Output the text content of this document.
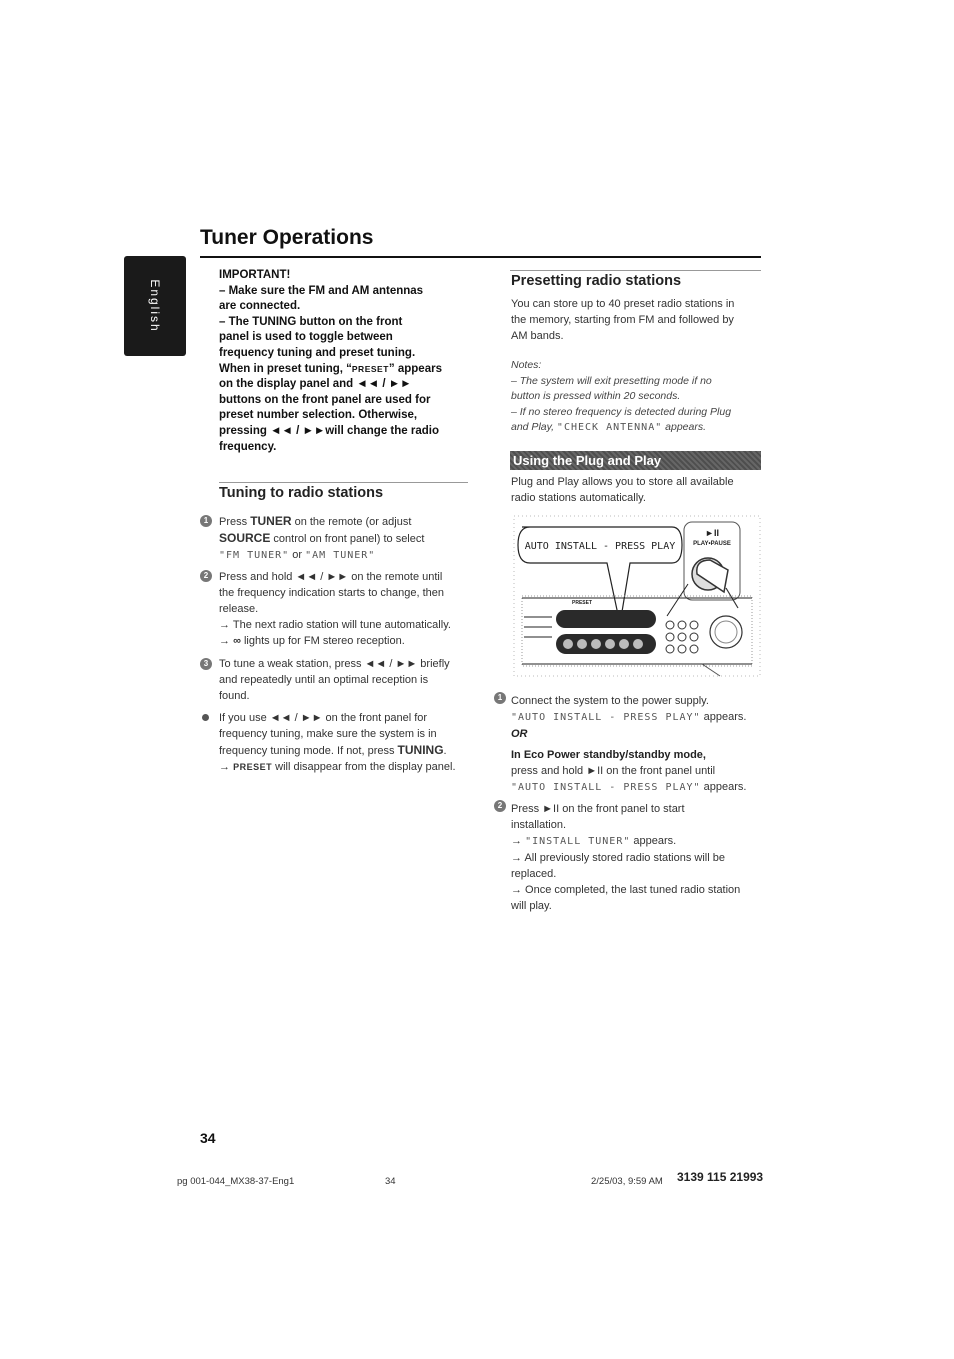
English
Tuner Operations

IMPORTANT!

– Make sure the FM and AM antennas

are connected.

– The TUNING button on the front

panel is used to toggle between

frequency tuning and preset tuning.

When in preset tuning, “PRESET” appears

on the display panel and ◄◄ / ►►

buttons on the front panel are used for

preset number selection. Otherwise,

pressing ◄◄ / ►►will change the radio

frequency.

Tuning to radio stations
1 Press TUNER on the remote (or adjust
SOURCE control on front panel) to select
"FM TUNER" or "AM TUNER"
2 Press and hold ◄◄ / ►► on the remote until
the frequency indication starts to change, then
release.
→ The next radio station will tune automatically.
→ ∞ lights up for FM stereo reception.
3 To tune a weak station, press ◄◄ / ►► briefly
and repeatedly until an optimal reception is
found.
If you use ◄◄ / ►► on the front panel for
frequency tuning, make sure the system is in
frequency tuning mode. If not, press TUNING.
→ PRESET will disappear from the display panel.
Presetting radio stations

You can store up to 40 preset radio stations in

the memory, starting from FM and followed by

AM bands.

Notes:
– The system will exit presetting mode if no
button is pressed within 20 seconds.
– If no stereo frequency is detected during Plug
and Play, "CHECK ANTENNA" appears.
Using the Plug and Play

Plug and Play allows you to store all available

radio stations automatically.

AUTO INSTALL - PRESS PLAY
►II
PLAY•PAUSE
PRESET
1 Connect the system to the power supply.
"AUTO INSTALL - PRESS PLAY" appears.
OR
In Eco Power standby/standby mode,
press and hold ►II on the front panel until
"AUTO INSTALL - PRESS PLAY" appears.
2 Press ►II on the front panel to start
installation.
→ "INSTALL TUNER" appears.
→ All previously stored radio stations will be
replaced.
→ Once completed, the last tuned radio station
will play.
34
pg 001-044_MX38-37-Eng1	34	2/25/03, 9:59 AM 3139 115 21993
